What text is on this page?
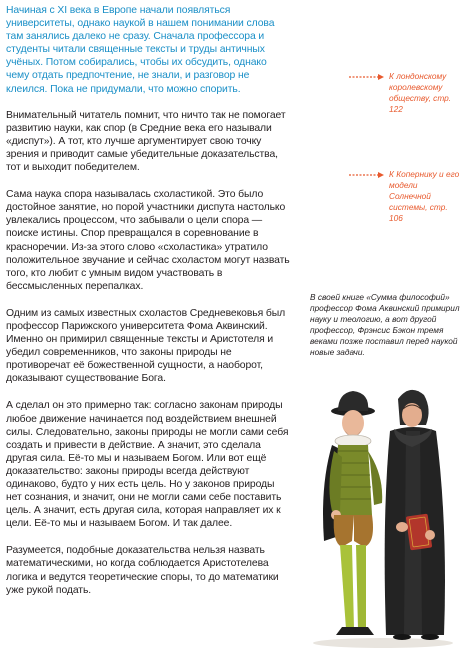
Начиная с XI века в Европе начали появляться университеты, однако наукой в нашем понимании слова там занялись далеко не сразу. Сначала профессора и студенты читали священные тексты и труды античных учёных. Потом собирались, чтобы их обсудить, однако чему отдать предпочтение, не знали, и разговор не клеился. Пока не придумали, что можно спорить.

Внимательный читатель помнит, что ничто так не помогает развитию науки, как спор (в Средние века его называли «диспут»). А тот, кто лучше аргументирует свою точку зрения и приводит самые убедительные доказательства, тот и выходит победителем.

Сама наука спора называлась схоластикой. Это было достойное занятие, но порой участники диспута настолько увлекались процессом, что забывали о цели спора — поиске истины. Спор превращался в соревнование в красноречии. Из-за этого слово «схоластика» утратило положительное звучание и сейчас схоластом могут назвать того, кто любит с умным видом участвовать в бессмысленных перепалках.

Одним из самых известных схоластов Средневековья был профессор Парижского университета Фома Аквинский. Именно он примирил священные тексты и Аристотеля и убедил современников, что законы природы не противоречат её божественной сущности, а наоборот, доказывают существование Бога.

А сделал он это примерно так: согласно законам природы любое движение начинается под воздействием внешней силы. Следовательно, законы природы не могли сами себя создать и привести в действие. А значит, это сделала другая сила. Её-то мы и называем Богом. Или вот ещё доказательство: законы природы всегда действуют одинаково, будто у них есть цель. Но у законов природы нет сознания, и значит, они не могли сами себе поставить цель. А значит, есть другая сила, которая направляет их к цели. Её-то мы и называем Богом. И так далее.

Разумеется, подобные доказательства нельзя назвать математическими, но когда соблюдается Аристотелева логика и ведутся теоретические споры, то до математики уже рукой подать.

К лондонскому королевскому обществу, стр. 122
К Копернику и его модели Солнечной системы, стр. 106
В своей книге «Сумма философий» профессор Фома Аквинский примирил науку и теологию, а вот другой профессор, Фрэнсис Бэкон тремя веками позже поставил перед наукой новые задачи.
